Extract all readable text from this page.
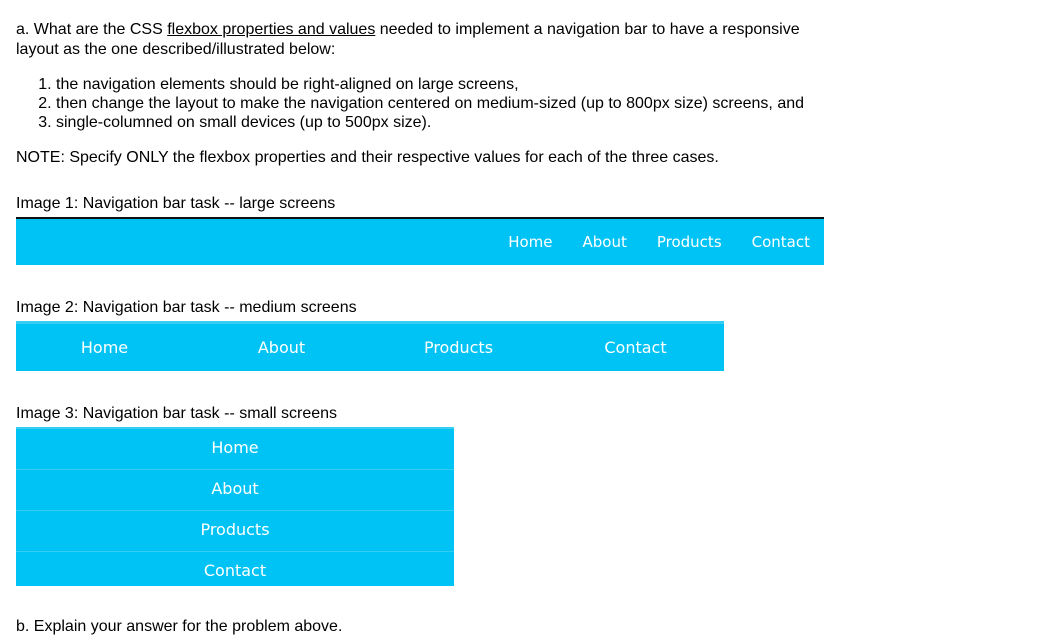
a. What are the CSS flexbox properties and values needed to implement a navigation bar to have a responsive layout as the one described/illustrated below:
1. the navigation elements should be right-aligned on large screens,
2. then change the layout to make the navigation centered on medium-sized (up to 800px size) screens, and
3. single-columned on small devices (up to 500px size).
NOTE: Specify ONLY the flexbox properties and their respective values for each of the three cases.
Image 1: Navigation bar task -- large screens
Home About Products Contact
Image 2: Navigation bar task -- medium screens
Home	About	Products	Contact
Image 3: Navigation bar task -- small screens
Home
About
Products
Contact
b. Explain your answer for the problem above.
